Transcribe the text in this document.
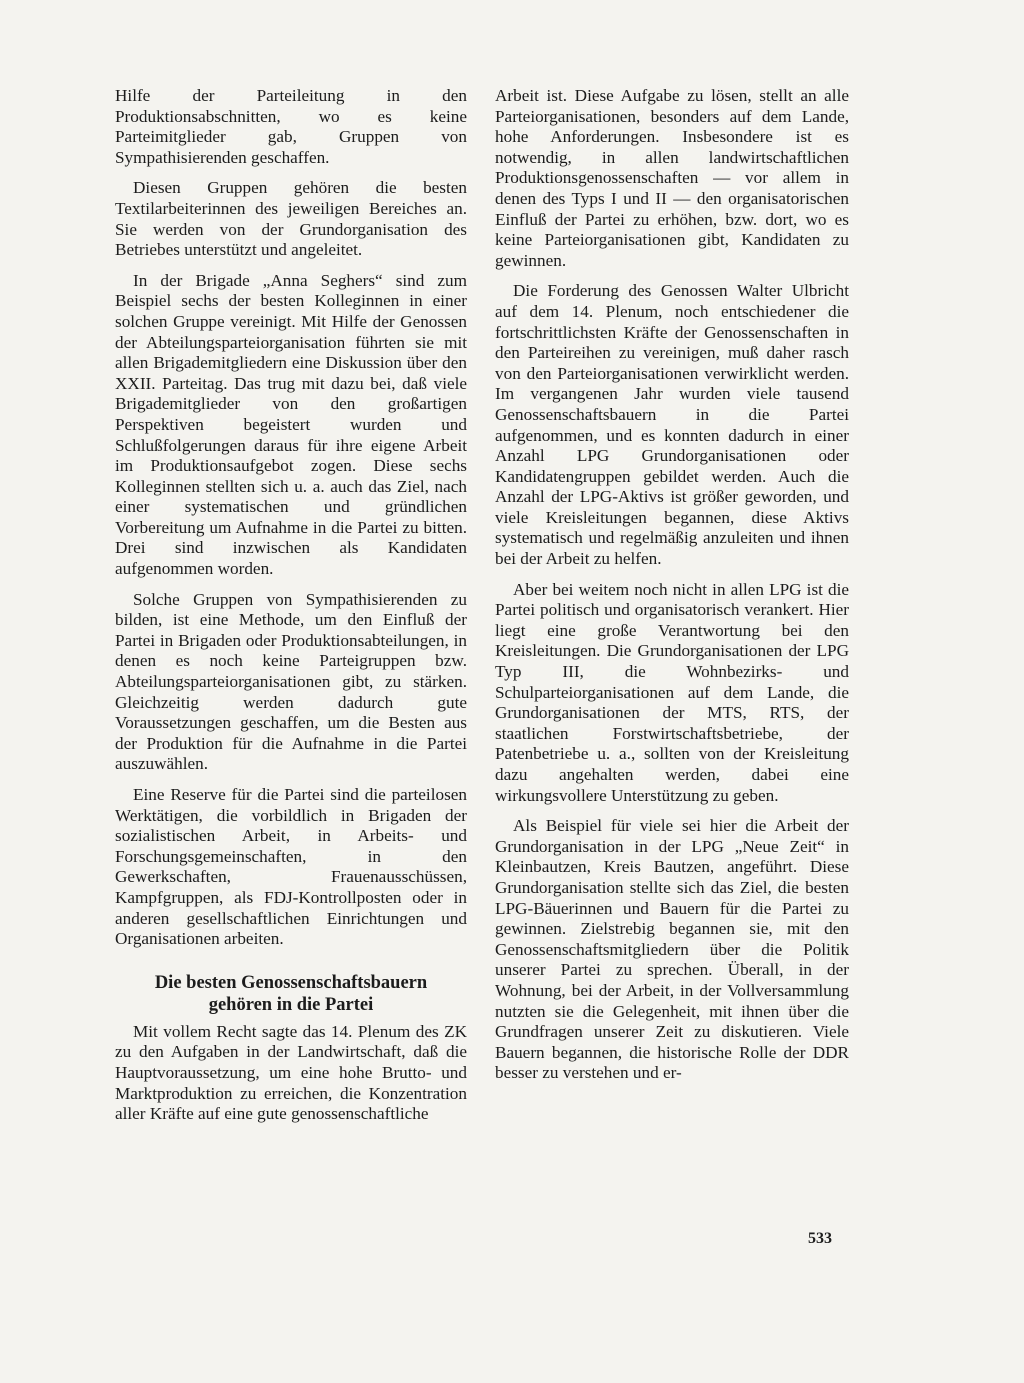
Hilfe der Parteileitung in den Produktionsabschnitten, wo es keine Parteimitglieder gab, Gruppen von Sympathisierenden geschaffen.

Diesen Gruppen gehören die besten Textilarbeiterinnen des jeweiligen Bereiches an. Sie werden von der Grundorganisation des Betriebes unterstützt und angeleitet.

In der Brigade „Anna Seghers“ sind zum Beispiel sechs der besten Kolleginnen in einer solchen Gruppe vereinigt. Mit Hilfe der Genossen der Abteilungsparteiorganisation führten sie mit allen Brigademitgliedern eine Diskussion über den XXII. Parteitag. Das trug mit dazu bei, daß viele Brigademitglieder von den großartigen Perspektiven begeistert wurden und Schlußfolgerungen daraus für ihre eigene Arbeit im Produktionsaufgebot zogen. Diese sechs Kolleginnen stellten sich u. a. auch das Ziel, nach einer systematischen und gründlichen Vorbereitung um Aufnahme in die Partei zu bitten. Drei sind inzwischen als Kandidaten aufgenommen worden.

Solche Gruppen von Sympathisierenden zu bilden, ist eine Methode, um den Einfluß der Partei in Brigaden oder Produktionsabteilungen, in denen es noch keine Parteigruppen bzw. Abteilungsparteiorganisationen gibt, zu stärken. Gleichzeitig werden dadurch gute Voraussetzungen geschaffen, um die Besten aus der Produktion für die Aufnahme in die Partei auszuwählen.

Eine Reserve für die Partei sind die parteilosen Werktätigen, die vorbildlich in Brigaden der sozialistischen Arbeit, in Arbeits- und Forschungsgemeinschaften, in den Gewerkschaften, Frauenausschüssen, Kampfgruppen, als FDJ-Kontrollposten oder in anderen gesellschaftlichen Einrichtungen und Organisationen arbeiten.

Die besten Genossenschaftsbauern
gehören in die Partei

Mit vollem Recht sagte das 14. Plenum des ZK zu den Aufgaben in der Landwirtschaft, daß die Hauptvoraussetzung, um eine hohe Brutto- und Marktproduktion zu erreichen, die Konzentration aller Kräfte auf eine gute genossenschaftliche

Arbeit ist. Diese Aufgabe zu lösen, stellt an alle Parteiorganisationen, besonders auf dem Lande, hohe Anforderungen. Insbesondere ist es notwendig, in allen landwirtschaftlichen Produktionsgenossenschaften — vor allem in denen des Typs I und II — den organisatorischen Einfluß der Partei zu erhöhen, bzw. dort, wo es keine Parteiorganisationen gibt, Kandidaten zu gewinnen.

Die Forderung des Genossen Walter Ulbricht auf dem 14. Plenum, noch entschiedener die fortschrittlichsten Kräfte der Genossenschaften in den Parteireihen zu vereinigen, muß daher rasch von den Parteiorganisationen verwirklicht werden. Im vergangenen Jahr wurden viele tausend Genossenschaftsbauern in die Partei aufgenommen, und es konnten dadurch in einer Anzahl LPG Grundorganisationen oder Kandidatengruppen gebildet werden. Auch die Anzahl der LPG-Aktivs ist größer geworden, und viele Kreisleitungen begannen, diese Aktivs systematisch und regelmäßig anzuleiten und ihnen bei der Arbeit zu helfen.

Aber bei weitem noch nicht in allen LPG ist die Partei politisch und organisatorisch verankert. Hier liegt eine große Verantwortung bei den Kreisleitungen. Die Grundorganisationen der LPG Typ III, die Wohnbezirks- und Schulparteiorganisationen auf dem Lande, die Grundorganisationen der MTS, RTS, der staatlichen Forstwirtschaftsbetriebe, der Patenbetriebe u. a., sollten von der Kreisleitung dazu angehalten werden, dabei eine wirkungsvollere Unterstützung zu geben.

Als Beispiel für viele sei hier die Arbeit der Grundorganisation in der LPG „Neue Zeit“ in Kleinbautzen, Kreis Bautzen, angeführt. Diese Grundorganisation stellte sich das Ziel, die besten LPG-Bäuerinnen und Bauern für die Partei zu gewinnen. Zielstrebig begannen sie, mit den Genossenschaftsmitgliedern über die Politik unserer Partei zu sprechen. Überall, in der Wohnung, bei der Arbeit, in der Vollversammlung nutzten sie die Gelegenheit, mit ihnen über die Grundfragen unserer Zeit zu diskutieren. Viele Bauern begannen, die historische Rolle der DDR besser zu verstehen und er-

533
